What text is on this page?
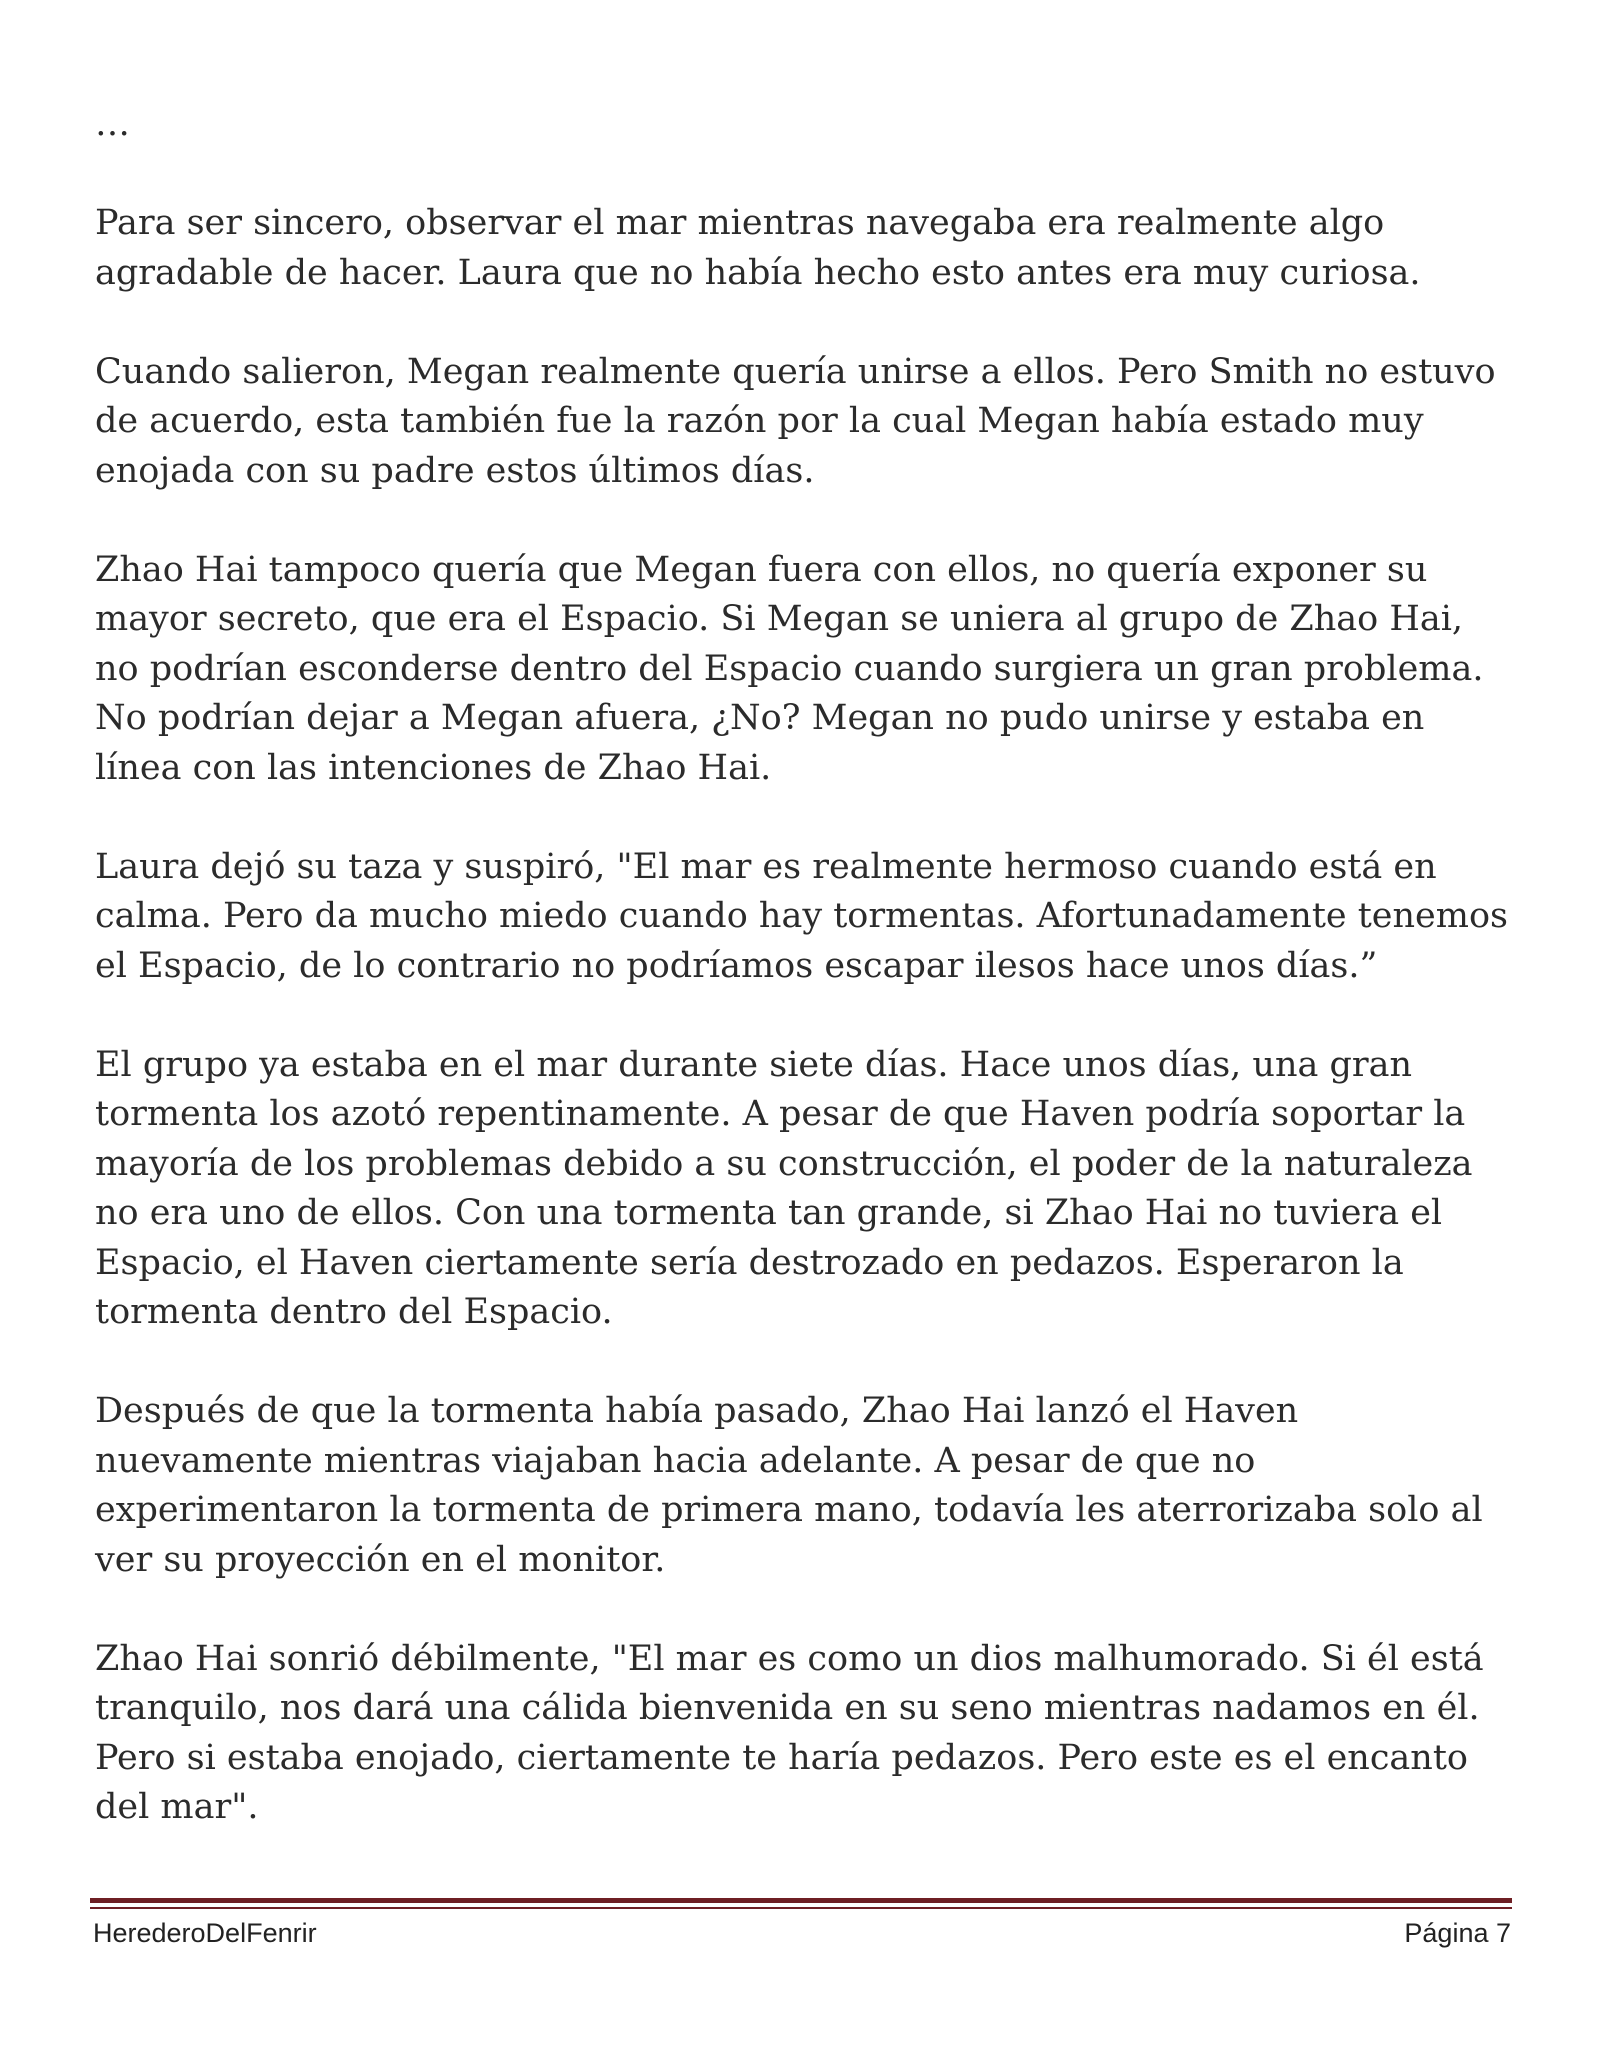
…

Para ser sincero, observar el mar mientras navegaba era realmente algo agradable de hacer. Laura que no había hecho esto antes era muy curiosa.

Cuando salieron, Megan realmente quería unirse a ellos. Pero Smith no estuvo de acuerdo, esta también fue la razón por la cual Megan había estado muy enojada con su padre estos últimos días.

Zhao Hai tampoco quería que Megan fuera con ellos, no quería exponer su mayor secreto, que era el Espacio. Si Megan se uniera al grupo de Zhao Hai, no podrían esconderse dentro del Espacio cuando surgiera un gran problema. No podrían dejar a Megan afuera, ¿No? Megan no pudo unirse y estaba en línea con las intenciones de Zhao Hai.

Laura dejó su taza y suspiró, "El mar es realmente hermoso cuando está en calma. Pero da mucho miedo cuando hay tormentas. Afortunadamente tenemos el Espacio, de lo contrario no podríamos escapar ilesos hace unos días.”

El grupo ya estaba en el mar durante siete días. Hace unos días, una gran tormenta los azotó repentinamente. A pesar de que Haven podría soportar la mayoría de los problemas debido a su construcción, el poder de la naturaleza no era uno de ellos. Con una tormenta tan grande, si Zhao Hai no tuviera el Espacio, el Haven ciertamente sería destrozado en pedazos. Esperaron la tormenta dentro del Espacio.

Después de que la tormenta había pasado, Zhao Hai lanzó el Haven nuevamente mientras viajaban hacia adelante. A pesar de que no experimentaron la tormenta de primera mano, todavía les aterrorizaba solo al ver su proyección en el monitor.

Zhao Hai sonrió débilmente, "El mar es como un dios malhumorado. Si él está tranquilo, nos dará una cálida bienvenida en su seno mientras nadamos en él. Pero si estaba enojado, ciertamente te haría pedazos. Pero este es el encanto del mar".

HerederoDelFenrir	Página 7
